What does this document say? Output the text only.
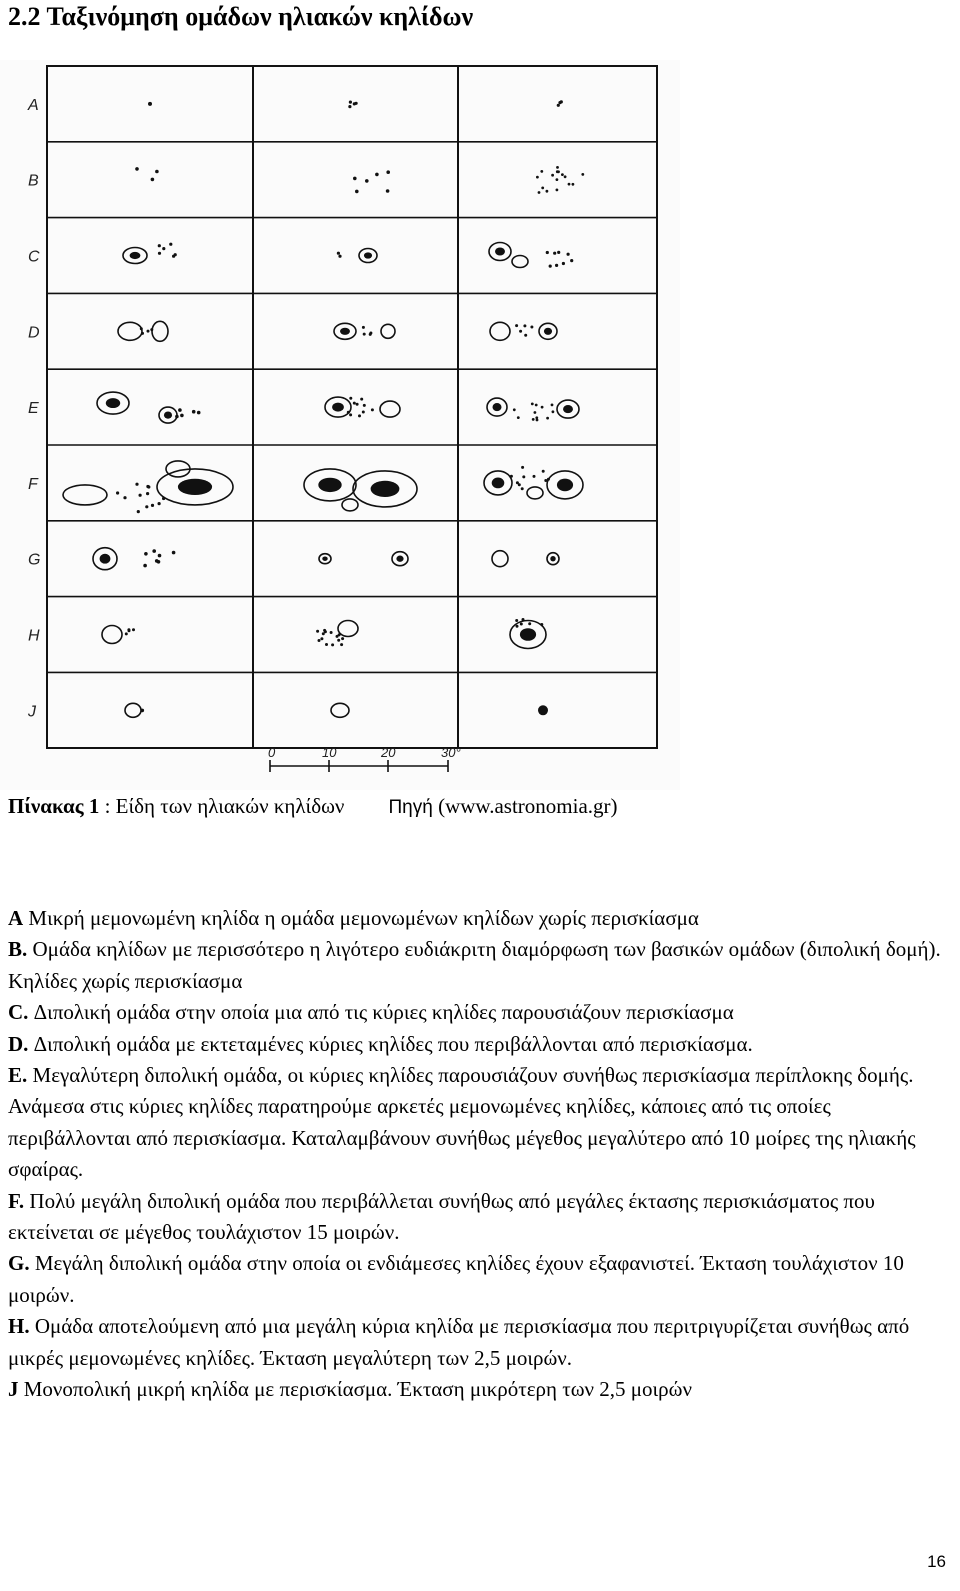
2.2 Ταξινόμηση ομάδων ηλιακών κηλίδων
A
B
C
D
E
F
G
H
J
0	10	20	30°
Πίνακας 1 : Είδη των ηλιακών κηλίδων Πηγή (www.astronomia.gr)

A Μικρή μεμονωμένη κηλίδα η ομάδα μεμονωμένων κηλίδων χωρίς περισκίασμα

B. Ομάδα κηλίδων με περισσότερο η λιγότερο ευδιάκριτη διαμόρφωση των βασικών ομάδων (διπολική δομή). Κηλίδες χωρίς περισκίασμα

C. Διπολική ομάδα στην οποία μια από τις κύριες κηλίδες παρουσιάζουν περισκίασμα

D. Διπολική ομάδα με εκτεταμένες κύριες κηλίδες που περιβάλλονται από περισκίασμα.

E. Μεγαλύτερη διπολική ομάδα, οι κύριες κηλίδες παρουσιάζουν συνήθως περισκίασμα περίπλοκης δομής. Ανάμεσα στις κύριες κηλίδες παρατηρούμε αρκετές μεμονωμένες κηλίδες, κάποιες από τις οποίες περιβάλλονται από περισκίασμα. Καταλαμβάνουν συνήθως μέγεθος μεγαλύτερο από 10 μοίρες της ηλιακής σφαίρας.

F. Πολύ μεγάλη διπολική ομάδα που περιβάλλεται συνήθως από μεγάλες έκτασης περισκιάσματος που εκτείνεται σε μέγεθος τουλάχιστον 15 μοιρών.

G. Μεγάλη διπολική ομάδα στην οποία οι ενδιάμεσες κηλίδες έχουν εξαφανιστεί. Έκταση τουλάχιστον 10 μοιρών.

H. Ομάδα αποτελούμενη από μια μεγάλη κύρια κηλίδα με περισκίασμα που περιτριγυρίζεται συνήθως από μικρές μεμονωμένες κηλίδες. Έκταση μεγαλύτερη των 2,5 μοιρών.

J Μονοπολική μικρή κηλίδα με περισκίασμα. Έκταση μικρότερη των 2,5 μοιρών

16
